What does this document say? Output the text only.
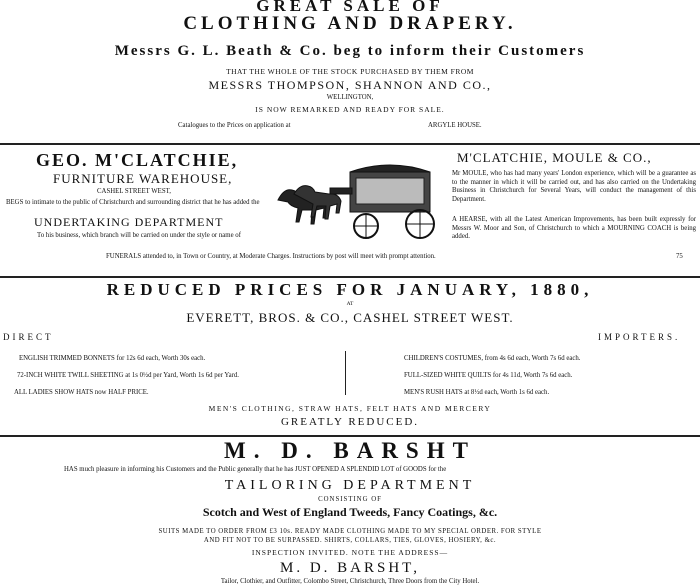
GREAT SALE OF
CLOTHING AND DRAPERY.
Messrs G. L. Beath & Co. beg to inform their Customers
THAT THE WHOLE OF THE STOCK PURCHASED BY THEM FROM
MESSRS THOMPSON, SHANNON AND CO.,
WELLINGTON,
IS NOW REMARKED AND READY FOR SALE.
Catalogues to the Prices on application at	ARGYLE HOUSE.
GEO. M'CLATCHIE,
FURNITURE WAREHOUSE,
CASHEL STREET WEST,
BEGS to intimate to the public of Christchurch and surrounding district that he has added the
UNDERTAKING DEPARTMENT
To his business, which branch will be carried on under the style or name of
M'CLATCHIE, MOULE & CO.,
Mr MOULE, who has had many years' London experience, which will be a guarantee as to the manner in which it will be carried out, and has also carried on the Undertaking Business in Christchurch for Several Years, will conduct the management of this Department.
A HEARSE, with all the Latest American Improvements, has been built expressly for Messrs W. Moor and Son, of Christchurch to which a MOURNING COACH is being added.
FUNERALS attended to, in Town or Country, at Moderate Charges. Instructions by post will meet with prompt attention.	75
REDUCED PRICES FOR JANUARY, 1880,
AT
EVERETT, BROS. & CO., CASHEL STREET WEST.
DIRECT	IMPORTERS.
ENGLISH TRIMMED BONNETS for 12s 6d each, Worth 30s each.
72-INCH WHITE TWILL SHEETING at 1s 0½d per Yard, Worth 1s 6d per Yard.
ALL LADIES SHOW HATS now HALF PRICE.
CHILDREN'S COSTUMES, from 4s 6d each, Worth 7s 6d each.
FULL-SIZED WHITE QUILTS for 4s 11d, Worth 7s 6d each.
MEN'S RUSH HATS at 8½d each, Worth 1s 6d each.
MEN'S CLOTHING, STRAW HATS, FELT HATS AND MERCERY
GREATLY REDUCED.
M. D. BARSHT
HAS much pleasure in informing his Customers and the Public generally that he has JUST OPENED A SPLENDID LOT of GOODS for the
TAILORING DEPARTMENT
CONSISTING OF
Scotch and West of England Tweeds, Fancy Coatings, &c.
SUITS MADE TO ORDER FROM £3 10s. READY MADE CLOTHING MADE TO MY SPECIAL ORDER. FOR STYLE
AND FIT NOT TO BE SURPASSED. SHIRTS, COLLARS, TIES, GLOVES, HOSIERY, &c.
INSPECTION INVITED. NOTE THE ADDRESS—
M. D. BARSHT,
Tailor, Clothier, and Outfitter, Colombo Street, Christchurch, Three Doors from the City Hotel.
